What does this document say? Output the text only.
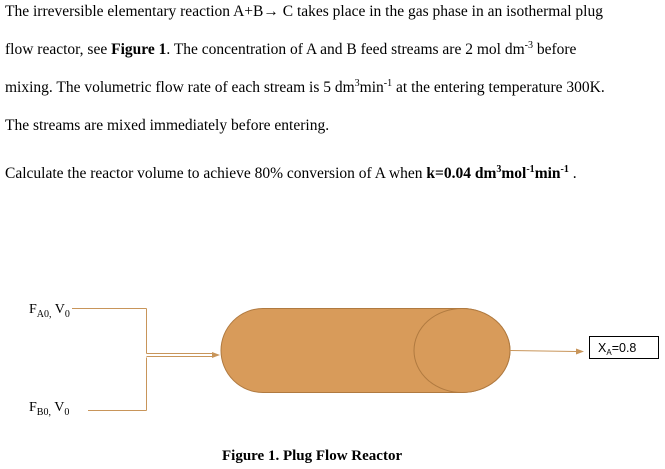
The irreversible elementary reaction A+B→ C takes place in the gas phase in an isothermal plug
flow reactor, see Figure 1. The concentration of A and B feed streams are 2 mol $dm^{-3}$ before
mixing. The volumetric flow rate of each stream is 5 $dm^3\min^{-1}$ at the entering temperature 300K.
The streams are mixed immediately before entering.
Calculate the reactor volume to achieve 80% conversion of A when k=0.04 $dm^3mol^{-1}\min^{-1}$ .
$F_{A0,}$ $V_0$
$F_{B0,}$ $V_0$
$X_A=0.8$
Figure 1. Plug Flow Reactor
